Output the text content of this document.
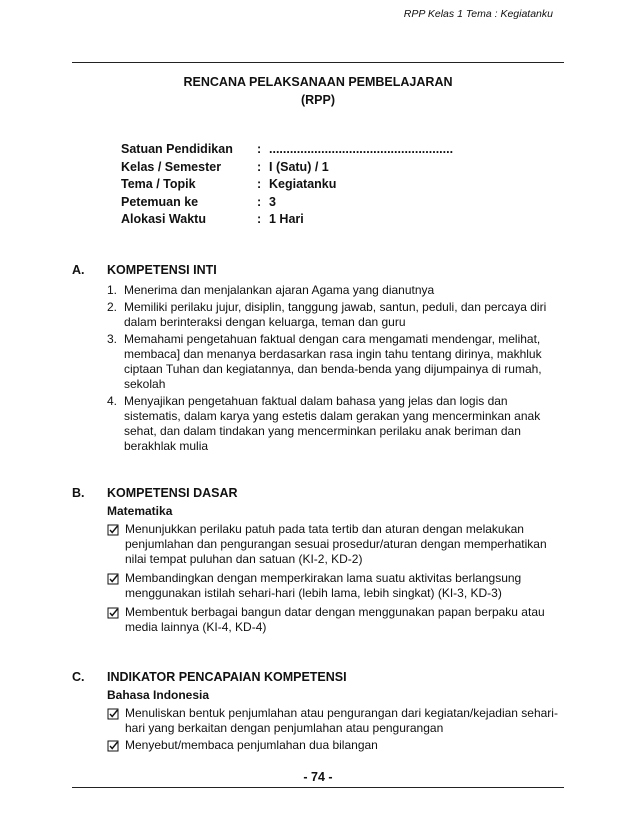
RPP Kelas 1 Tema : Kegiatanku
RENCANA PELAKSANAAN PEMBELAJARAN
(RPP)
Satuan Pendidikan : .....................................................
Kelas / Semester	: I (Satu) / 1
Tema / Topik	: Kegiatanku
Petemuan ke	: 3
Alokasi Waktu	: 1 Hari
A. KOMPETENSI INTI
1. Menerima dan menjalankan ajaran Agama yang dianutnya
2. Memiliki perilaku jujur, disiplin, tanggung jawab, santun, peduli, dan percaya diri dalam berinteraksi dengan keluarga, teman dan guru
3. Memahami pengetahuan faktual dengan cara mengamati mendengar, melihat, membaca] dan menanya berdasarkan rasa ingin tahu tentang dirinya, makhluk ciptaan Tuhan dan kegiatannya, dan benda-benda yang dijumpainya di rumah, sekolah
4. Menyajikan pengetahuan faktual dalam bahasa yang jelas dan logis dan sistematis, dalam karya yang estetis dalam gerakan yang mencerminkan anak sehat, dan dalam tindakan yang mencerminkan perilaku anak beriman dan berakhlak mulia
B. KOMPETENSI DASAR
Matematika
Menunjukkan perilaku patuh pada tata tertib dan aturan dengan melakukan penjumlahan dan pengurangan sesuai prosedur/aturan dengan memperhatikan nilai tempat puluhan dan satuan (KI-2, KD-2)
Membandingkan dengan memperkirakan lama suatu aktivitas berlangsung menggunakan istilah sehari-hari (lebih lama, lebih singkat) (KI-3, KD-3)
Membentuk berbagai bangun datar dengan menggunakan papan berpaku atau media lainnya (KI-4, KD-4)
C. INDIKATOR PENCAPAIAN KOMPETENSI
Bahasa Indonesia
Menuliskan bentuk penjumlahan atau pengurangan dari kegiatan/kejadian sehari-hari yang berkaitan dengan penjumlahan atau pengurangan
Menyebut/membaca penjumlahan dua bilangan
- 74 -
